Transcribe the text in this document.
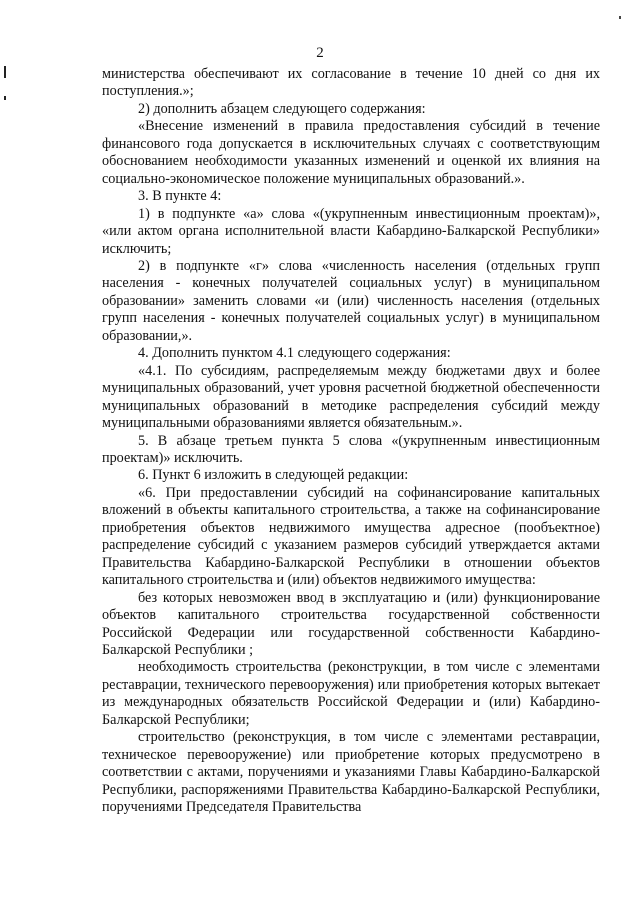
2

министерства обеспечивают их согласование в течение 10 дней со дня их поступления.»;

2) дополнить абзацем следующего содержания:

«Внесение изменений в правила предоставления субсидий в течение финансового года допускается в исключительных случаях с соответствующим обоснованием необходимости указанных изменений и оценкой их влияния на социально-экономическое положение муниципальных образований.».

3. В пункте 4:

1) в подпункте «а» слова «(укрупненным инвестиционным проектам)», «или актом органа исполнительной власти Кабардино-Балкарской Республики» исключить;

2) в подпункте «г» слова «численность населения (отдельных групп населения - конечных получателей социальных услуг) в муниципальном образовании» заменить словами «и (или) численность населения (отдельных групп населения - конечных получателей социальных услуг) в муниципальном образовании,».

4. Дополнить пунктом 4.1 следующего содержания:

«4.1. По субсидиям, распределяемым между бюджетами двух и более муниципальных образований, учет уровня расчетной бюджетной обеспеченности муниципальных образований в методике распределения субсидий между муниципальными образованиями является обязательным.».

5. В абзаце третьем пункта 5 слова «(укрупненным инвестиционным проектам)» исключить.

6. Пункт 6 изложить в следующей редакции:

«6. При предоставлении субсидий на софинансирование капитальных вложений в объекты капитального строительства, а также на софинансирование приобретения объектов недвижимого имущества адресное (пообъектное) распределение субсидий с указанием размеров субсидий утверждается актами Правительства Кабардино-Балкарской Республики в отношении объектов капитального строительства и (или) объектов недвижимого имущества:

без которых невозможен ввод в эксплуатацию и (или) функционирование объектов капитального строительства государственной собственности Российской Федерации или государственной собственности Кабардино-Балкарской Республики ;

необходимость строительства (реконструкции, в том числе с элементами реставрации, технического перевооружения) или приобретения которых вытекает из международных обязательств Российской Федерации и (или) Кабардино-Балкарской Республики;

строительство (реконструкция, в том числе с элементами реставрации, техническое перевооружение) или приобретение которых предусмотрено в соответствии с актами, поручениями и указаниями Главы Кабардино-Балкарской Республики, распоряжениями Правительства Кабардино-Балкарской Республики, поручениями Председателя Правительства
